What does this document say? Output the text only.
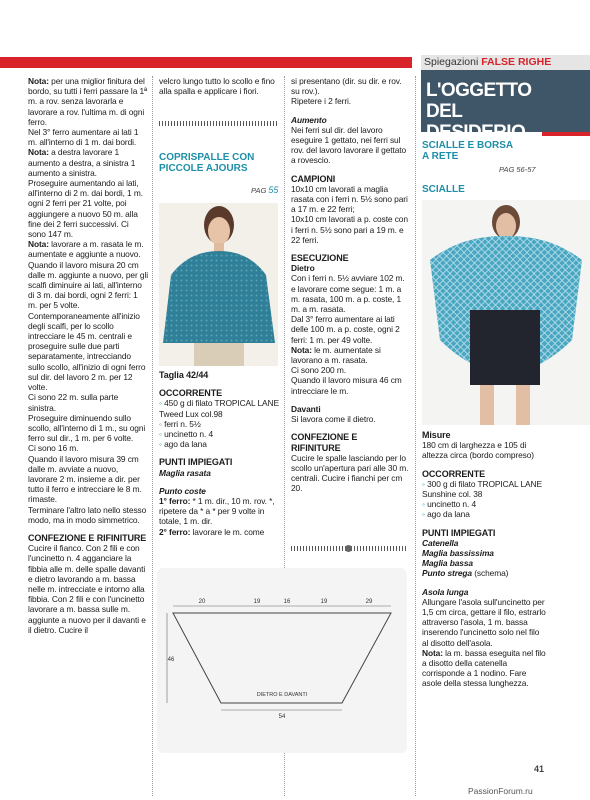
Spiegazioni FALSE RIGHE
L'OGGETTO DEL DESIDERIO
SCIALLE E BORSA A RETE
PAG 56-57

Nota: per una miglior finitura del bordo, su tutti i ferri passare la 1ª m. a rov. senza lavorarla e lavorare a rov. l'ultima m. di ogni ferro.

Nel 3° ferro aumentare ai lati 1 m. all'interno di 1 m. dai bordi.

Nota: a destra lavorare 1 aumento a destra, a sinistra 1 aumento a sinistra.

Proseguire aumentando ai lati, all'interno di 2 m. dai bordi, 1 m. ogni 2 ferri per 21 volte, poi aggiungere a nuovo 50 m. alla fine dei 2 ferri successivi. Ci sono 147 m.

Nota: lavorare a m. rasata le m. aumentate e aggiunte a nuovo.

Quando il lavoro misura 20 cm dalle m. aggiunte a nuovo, per gli scalfi diminuire ai lati, all'interno di 3 m. dai bordi, ogni 2 ferri: 1 m. per 5 volte.

Contemporaneamente all'inizio degli scalfi, per lo scollo intrecciare le 45 m. centrali e proseguire sulle due parti separatamente, intrecciando sullo scollo, all'inizio di ogni ferro sul dir. del lavoro 2 m. per 12 volte.

Ci sono 22 m. sulla parte sinistra.

Proseguire diminuendo sullo scollo, all'interno di 1 m., su ogni ferro sul dir., 1 m. per 6 volte.

Ci sono 16 m.

Quando il lavoro misura 39 cm dalle m. avviate a nuovo, lavorare 2 m. insieme a dir. per tutto il ferro e intrecciare le 8 m. rimaste.

Terminare l'altro lato nello stesso modo, ma in modo simmetrico.

CONFEZIONE E RIFINITURE

Cucire il fianco. Con 2 fili e con l'uncinetto n. 4 agganciare la fibbia alle m. delle spalle davanti e dietro lavorando a m. bassa nelle m. intrecciate e intorno alla fibbia. Con 2 fili e con l'uncinetto lavorare a m. bassa sulle m. aggiunte a nuovo per il davanti e il dietro. Cucire il

velcro lungo tutto lo scollo e fino alla spalla e applicare i fiori.

COPRISPALLE CON PICCOLE AJOURS
PAG 55

Taglia 42/44

OCCORRENTE

◦ 450 g di filato TROPICAL LANE Tweed Lux col.98

◦ ferri n. 5½

◦ uncinetto n. 4

◦ ago da lana

PUNTI IMPIEGATI

Maglia rasata

Punto coste

1° ferro: * 1 m. dir., 10 m. rov. *, ripetere da * a * per 9 volte in totale, 1 m. dir.

2° ferro: lavorare le m. come

si presentano (dir. su dir. e rov. su rov.).

Ripetere i 2 ferri.

Aumento

Nei ferri sul dir. del lavoro eseguire 1 gettato, nei ferri sul rov. del lavoro lavorare il gettato a rovescio.

CAMPIONI

10x10 cm lavorati a maglia rasata con i ferri n. 5½ sono pari a 17 m. e 22 ferri;

10x10 cm lavorati a p. coste con i ferri n. 5½ sono pari a 19 m. e 22 ferri.

ESECUZIONE

Dietro

Con i ferri n. 5½ avviare 102 m. e lavorare come segue: 1 m. a m. rasata, 100 m. a p. coste, 1 m. a m. rasata.

Dal 3° ferro aumentare ai lati delle 100 m. a p. coste, ogni 2 ferri: 1 m. per 49 volte.

Nota: le m. aumentate si lavorano a m. rasata.

Ci sono 200 m.

Quando il lavoro misura 46 cm intrecciare le m.

Davanti

Si lavora come il dietro.

CONFEZIONE E RIFINITURE

Cucire le spalle lasciando per lo scollo un'apertura pari alle 30 m. centrali. Cucire i fianchi per cm 20.

SCIALLE

Misure

180 cm di larghezza e 105 di altezza circa (bordo compreso)

OCCORRENTE

◦ 300 g di filato TROPICAL LANE Sunshine col. 38

◦ uncinetto n. 4

◦ ago da lana

PUNTI IMPIEGATI

Catenella

Maglia bassissima

Maglia bassa

Punto strega (schema)

Asola lunga

Allungare l'asola sull'uncinetto per 1,5 cm circa, gettare il filo, estrarlo attraverso l'asola, 1 m. bassa inserendo l'uncinetto solo nel filo al disotto dell'asola.

Nota: la m. bassa eseguita nel filo a disotto della catenella corrisponde a 1 nodino. Fare asole della stessa lunghezza.

20	19	16	19	29
46
DIETRO E DAVANTI
54
41
PassionForum.ru
